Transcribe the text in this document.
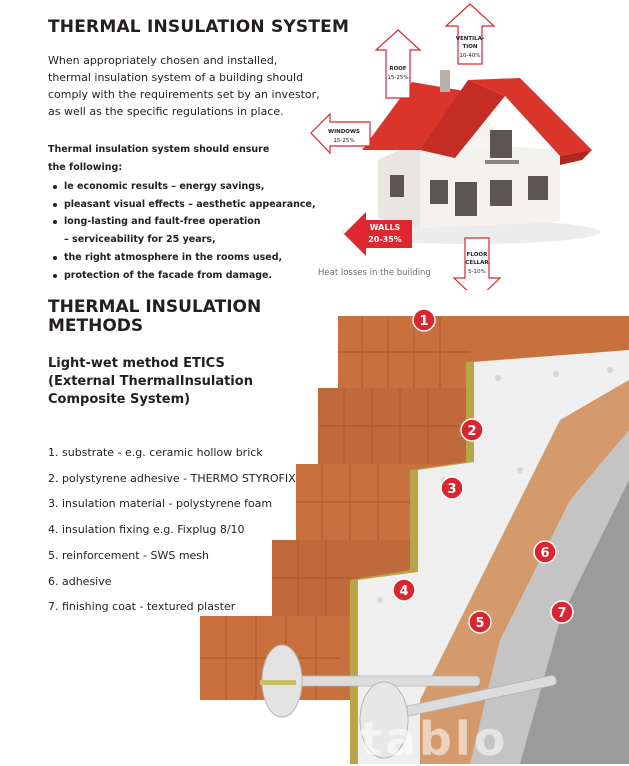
THERMAL INSULATION SYSTEM
When appropriately chosen and installed, thermal insulation system of a building should comply with the requirements set by an investor, as well as the specific regulations in place.
Thermal insulation system should ensure the following:
le economic results – energy savings,
pleasant visual effects – aesthetic appearance,
long-lasting and fault-free operation
– serviceability for 25 years,
the right atmosphere in the rooms used,
protection of the facade from damage.
VENTILA-
TION
10-40%
ROOF
15-25%
WINDOWS
15-25%
WALLS
20-35%
FLOOR
CELLAR
5-10%
Heat losses in the building
THERMAL INSULATION METHODS
Light-wet method ETICS (External ThermalInsulation Composite System)
1. substrate - e.g. ceramic hollow brick
2. polystyrene adhesive - THERMO STYROFIX
3. insulation material - polystyrene foam
4. insulation fixing e.g. Fixplug 8/10
5. reinforcement - SWS mesh
6. adhesive
7. finishing coat - textured plaster
1
2
3
4
5
6
7
tablo
